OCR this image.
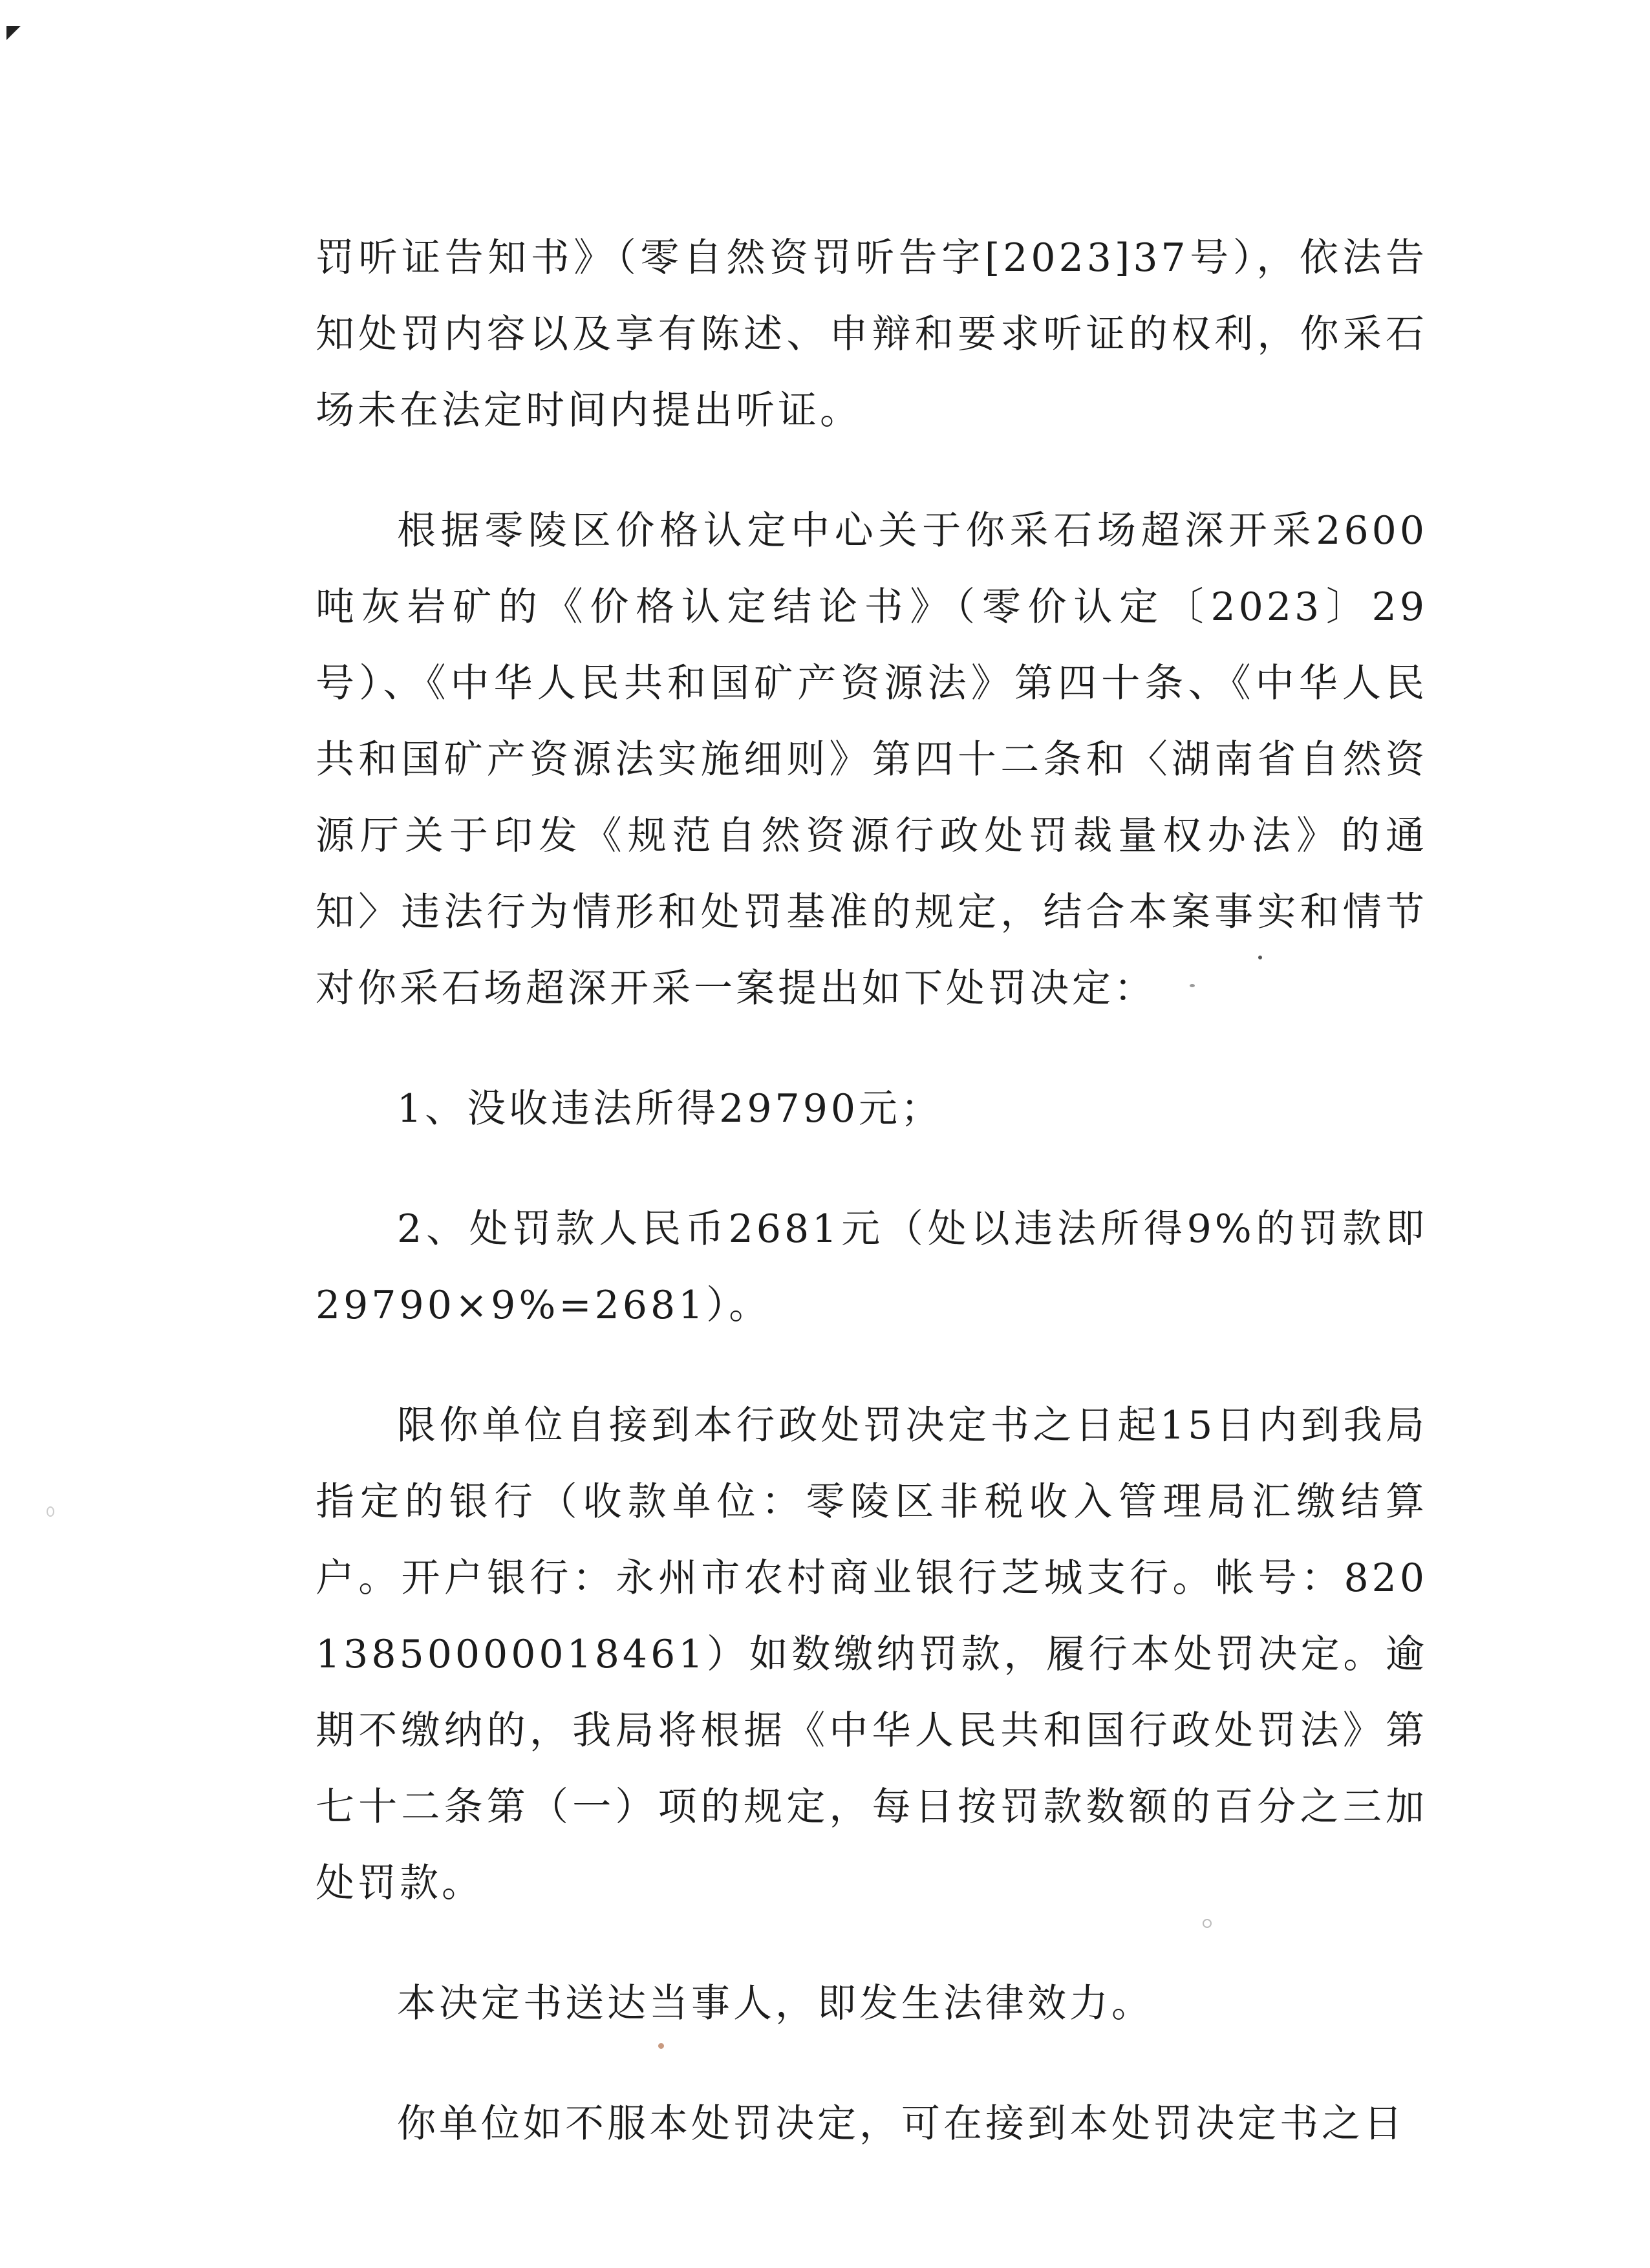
罚听证告知书》（零自然资罚听告字[2023]37号），依法告知处罚内容以及享有陈述、申辩和要求听证的权利，你采石场未在法定时间内提出听证。

根据零陵区价格认定中心关于你采石场超深开采2600吨灰岩矿的《价格认定结论书》（零价认定〔2023〕29号）、《中华人民共和国矿产资源法》第四十条、《中华人民共和国矿产资源法实施细则》第四十二条和〈湖南省自然资源厅关于印发《规范自然资源行政处罚裁量权办法》的通知〉违法行为情形和处罚基准的规定，结合本案事实和情节对你采石场超深开采一案提出如下处罚决定：

1、没收违法所得29790元；

2、处罚款人民币2681元（处以违法所得9%的罚款即29790×9%=2681）。

限你单位自接到本行政处罚决定书之日起15日内到我局指定的银行（收款单位：零陵区非税收入管理局汇缴结算户。开户银行：永州市农村商业银行芝城支行。帐号：82013850000018461）如数缴纳罚款，履行本处罚决定。逾期不缴纳的，我局将根据《中华人民共和国行政处罚法》第七十二条第（一）项的规定，每日按罚款数额的百分之三加处罚款。

本决定书送达当事人，即发生法律效力。

你单位如不服本处罚决定，可在接到本处罚决定书之日
